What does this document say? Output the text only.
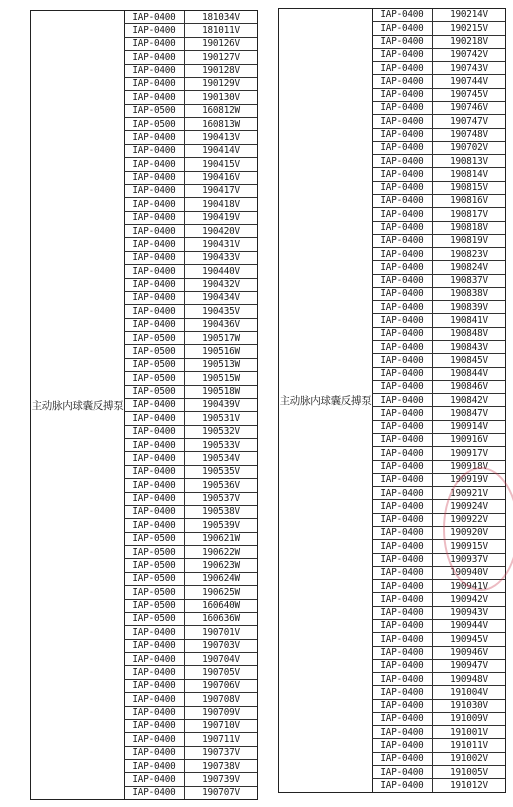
主动脉内球囊反搏泵
IAP-0400	181034V
IAP-0400	181011V
IAP-0400	190126V
IAP-0400	190127V
IAP-0400	190128V
IAP-0400	190129V
IAP-0400	190130V
IAP-0500	160812W
IAP-0500	160813W
IAP-0400	190413V
IAP-0400	190414V
IAP-0400	190415V
IAP-0400	190416V
IAP-0400	190417V
IAP-0400	190418V
IAP-0400	190419V
IAP-0400	190420V
IAP-0400	190431V
IAP-0400	190433V
IAP-0400	190440V
IAP-0400	190432V
IAP-0400	190434V
IAP-0400	190435V
IAP-0400	190436V
IAP-0500	190517W
IAP-0500	190516W
IAP-0500	190513W
IAP-0500	190515W
IAP-0500	190518W
IAP-0400	190439V
IAP-0400	190531V
IAP-0400	190532V
IAP-0400	190533V
IAP-0400	190534V
IAP-0400	190535V
IAP-0400	190536V
IAP-0400	190537V
IAP-0400	190538V
IAP-0400	190539V
IAP-0500	190621W
IAP-0500	190622W
IAP-0500	190623W
IAP-0500	190624W
IAP-0500	190625W
IAP-0500	160640W
IAP-0500	160636W
IAP-0400	190701V
IAP-0400	190703V
IAP-0400	190704V
IAP-0400	190705V
IAP-0400	190706V
IAP-0400	190708V
IAP-0400	190709V
IAP-0400	190710V
IAP-0400	190711V
IAP-0400	190737V
IAP-0400	190738V
IAP-0400	190739V
IAP-0400	190707V
主动脉内球囊反搏泵
IAP-0400	190214V
IAP-0400	190215V
IAP-0400	190218V
IAP-0400	190742V
IAP-0400	190743V
IAP-0400	190744V
IAP-0400	190745V
IAP-0400	190746V
IAP-0400	190747V
IAP-0400	190748V
IAP-0400	190702V
IAP-0400	190813V
IAP-0400	190814V
IAP-0400	190815V
IAP-0400	190816V
IAP-0400	190817V
IAP-0400	190818V
IAP-0400	190819V
IAP-0400	190823V
IAP-0400	190824V
IAP-0400	190837V
IAP-0400	190838V
IAP-0400	190839V
IAP-0400	190841V
IAP-0400	190848V
IAP-0400	190843V
IAP-0400	190845V
IAP-0400	190844V
IAP-0400	190846V
IAP-0400	190842V
IAP-0400	190847V
IAP-0400	190914V
IAP-0400	190916V
IAP-0400	190917V
IAP-0400	190918V
IAP-0400	190919V
IAP-0400	190921V
IAP-0400	190924V
IAP-0400	190922V
IAP-0400	190920V
IAP-0400	190915V
IAP-0400	190937V
IAP-0400	190940V
IAP-0400	190941V
IAP-0400	190942V
IAP-0400	190943V
IAP-0400	190944V
IAP-0400	190945V
IAP-0400	190946V
IAP-0400	190947V
IAP-0400	190948V
IAP-0400	191004V
IAP-0400	191030V
IAP-0400	191009V
IAP-0400	191001V
IAP-0400	191011V
IAP-0400	191002V
IAP-0400	191005V
IAP-0400	191012V
